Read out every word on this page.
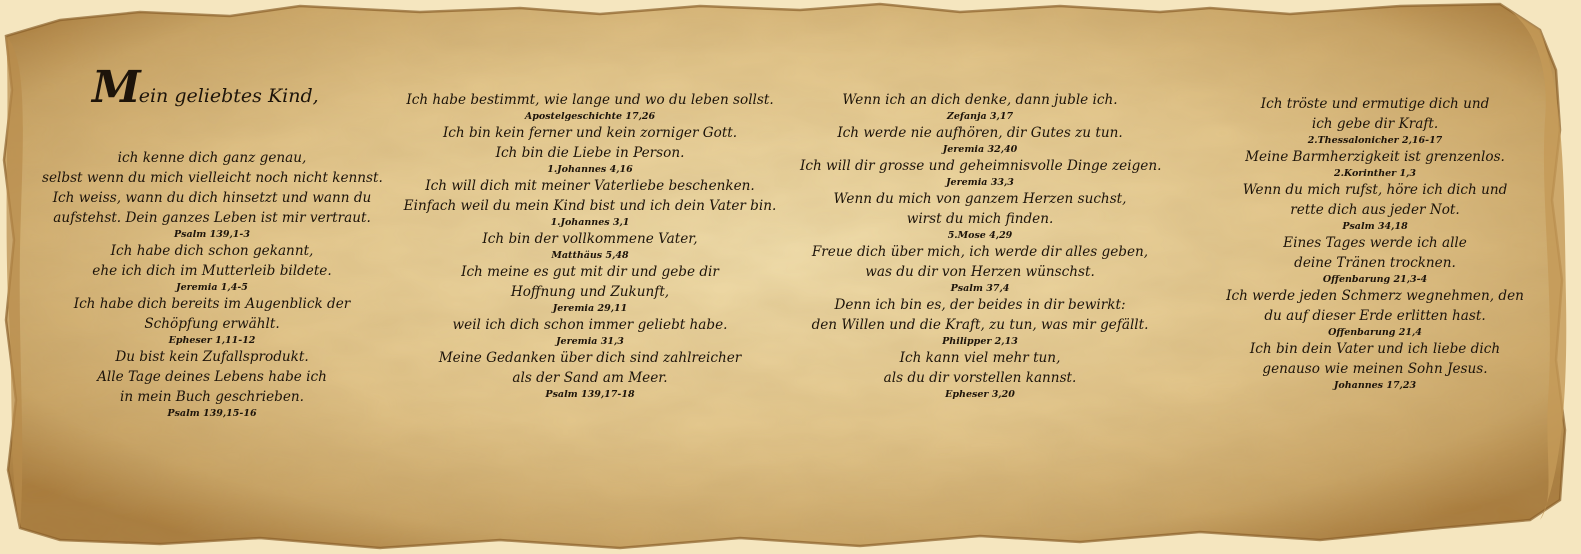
Mein geliebtes Kind,
ich kenne dich ganz genau,
selbst wenn du mich vielleicht noch nicht kennst.
Ich weiss, wann du dich hinsetzt und wann du
aufstehst. Dein ganzes Leben ist mir vertraut.
Psalm 139,1-3
Ich habe dich schon gekannt,
ehe ich dich im Mutterleib bildete.
Jeremia 1,4-5
Ich habe dich bereits im Augenblick der
Schöpfung erwählt.
Epheser 1,11-12
Du bist kein Zufallsprodukt.
Alle Tage deines Lebens habe ich
in mein Buch geschrieben.
Psalm 139,15-16
Ich habe bestimmt, wie lange und wo du leben sollst.
Apostelgeschichte 17,26
Ich bin kein ferner und kein zorniger Gott.
Ich bin die Liebe in Person.
1.Johannes 4,16
Ich will dich mit meiner Vaterliebe beschenken.
Einfach weil du mein Kind bist und ich dein Vater bin.
1.Johannes 3,1
Ich bin der vollkommene Vater,
Matthäus 5,48
Ich meine es gut mit dir und gebe dir
Hoffnung und Zukunft,
Jeremia 29,11
weil ich dich schon immer geliebt habe.
Jeremia 31,3
Meine Gedanken über dich sind zahlreicher
als der Sand am Meer.
Psalm 139,17-18
Wenn ich an dich denke, dann juble ich.
Zefanja 3,17
Ich werde nie aufhören, dir Gutes zu tun.
Jeremia 32,40
Ich will dir grosse und geheimnisvolle Dinge zeigen.
Jeremia 33,3
Wenn du mich von ganzem Herzen suchst,
wirst du mich finden.
5.Mose 4,29
Freue dich über mich, ich werde dir alles geben,
was du dir von Herzen wünschst.
Psalm 37,4
Denn ich bin es, der beides in dir bewirkt:
den Willen und die Kraft, zu tun, was mir gefällt.
Philipper 2,13
Ich kann viel mehr tun,
als du dir vorstellen kannst.
Epheser 3,20
Ich tröste und ermutige dich und
ich gebe dir Kraft.
2.Thessalonicher 2,16-17
Meine Barmherzigkeit ist grenzenlos.
2.Korinther 1,3
Wenn du mich rufst, höre ich dich und
rette dich aus jeder Not.
Psalm 34,18
Eines Tages werde ich alle
deine Tränen trocknen.
Offenbarung 21,3-4
Ich werde jeden Schmerz wegnehmen, den
du auf dieser Erde erlitten hast.
Offenbarung 21,4
Ich bin dein Vater und ich liebe dich
genauso wie meinen Sohn Jesus.
Johannes 17,23
